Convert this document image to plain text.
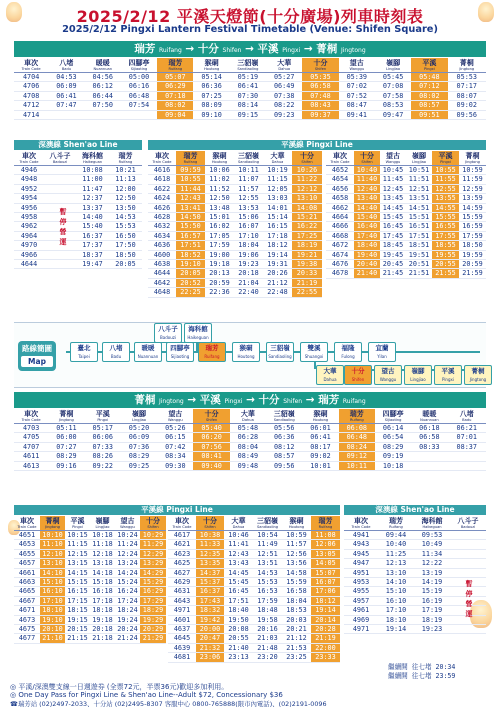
2025/2/12 平溪天燈節(十分廣場)列車時刻表
2025/2/12 Pingxi Lantern Festival Timetable (Venue: Shifen Square)
瑞芳 Ruifang → 十分 Shifen → 平溪 Pingxi → 菁桐 Jingtong
車次
Train Code
	八堵
Badu
	暖暖
Nuannuan
	四腳亭
Sijiaoting
	瑞芳
Ruifang
	猴硐
Houtong
	三貂嶺
Sandiaoling
	大華
Dahua
	十分
Shifen
	望古
Wanggu
	嶺腳
Lingjiao
	平溪
Pingxi
	菁桐
Jingtong

4704	04:53	04:56	05:00	05:07	05:14	05:19	05:27	05:35	05:39	05:45	05:48	05:53
4706	06:09	06:12	06:16	06:29	06:36	06:41	06:49	06:58	07:02	07:08	07:12	07:17
4708	06:41	06:44	06:48	07:18	07:25	07:30	07:38	07:48	07:52	07:58	08:02	08:07
4712	07:47	07:50	07:54	08:02	08:09	08:14	08:22	08:43	08:47	08:53	08:57	09:02
4714				09:04	09:10	09:15	09:23	09:37	09:41	09:47	09:51	09:56
深澳線 Shen'ao Line	平溪線 Pingxi Line
車次
Train Code
	八斗子
Badouzi
	海科館
Haikeguan
	瑞芳
Ruifang

4946		10:08	10:21
4948		11:00	11:13
4952		11:47	12:00
4954		12:37	12:50
4956		13:37	13:50
4958		14:40	14:53
4962		15:40	15:53
4964		16:37	16:50
4970		17:37	17:50
4966		18:37	18:50
4644		19:47	20:05
暫停營運
車次
Train Code
	瑞芳
Ruifang
	猴硐
Houtong
	三貂嶺
Sandiaoling
	大華
Dahua
	十分
Shifen

4616	09:59	10:06	10:11	10:19	10:26
4618	10:55	11:02	11:07	11:15	11:22
4622	11:44	11:52	11:57	12:05	12:12
4624	12:43	12:50	12:55	13:03	13:10
4626	13:41	13:48	13:53	14:01	14:08
4628	14:50	15:01	15:06	15:14	15:21
4632	15:50	16:02	16:07	16:15	16:22
4634	16:57	17:05	17:10	17:18	17:25
4636	17:51	17:59	18:04	18:12	18:19
4600	18:52	19:00	19:06	19:14	19:21
4638	19:10	19:18	19:23	19:31	19:38
4644	20:05	20:13	20:18	20:26	20:33
4642	20:52	20:59	21:04	21:12	21:19
4648	22:25	22:36	22:40	22:48	22:55
車次
Train Code
	十分
Shifen
	望古
Wanggu
	嶺腳
Lingjiao
	平溪
Pingxi
	菁桐
Jingtong

4652	10:40	10:45	10:51	10:55	10:59
4654	11:40	11:45	11:51	11:55	11:59
4656	12:40	12:45	12:51	12:55	12:59
4658	13:40	13:45	13:51	13:55	13:59
4662	14:40	14:45	14:51	14:55	14:59
4664	15:40	15:45	15:51	15:55	15:59
4666	16:40	16:45	16:51	16:55	16:59
4668	17:40	17:45	17:51	17:55	17:59
4672	18:40	18:45	18:51	18:55	18:50
4674	19:40	19:45	19:51	19:55	19:59
4676	20:40	20:45	20:51	20:55	20:59
4678	21:40	21:45	21:51	21:55	21:59
路線簡圖
Map
臺北
Taipei
八堵
Badu
暖暖
Nuannuan
四腳亭
Sijiaoting
瑞芳
Ruifang
猴硐
Houtong
三貂嶺
Sandiaoling
雙溪
Shuangxi
福隆
Fulong
宜蘭
Yilan
大華
Dahua
十分
Shifen
望古
Wanggu
嶺腳
Lingjiao
平溪
Pingxi
菁桐
Jingtong
海科館
Haikeguan
八斗子
Badouzi
菁桐 Jingtong → 平溪 Pingxi → 十分 Shifen → 瑞芳 Ruifang
車次
Train Code
	菁桐
Jingtong
	平溪
Pingxi
	嶺腳
Lingjiao
	望古
Wanggu
	十分
Shifen
	大華
Dahua
	三貂嶺
Sandiaoling
	猴硐
Houtong
	瑞芳
Ruifang
	四腳亭
Sijiaoting
	暖暖
Nuannuan
	八堵
Badu

4703	05:11	05:17	05:20	05:26	05:40	05:48	05:56	06:01	06:08	06:14	06:18	06:21
4705	06:00	06:06	06:09	06:15	06:20	06:28	06:36	06:41	06:48	06:54	06:58	07:01
4707	07:27	07:33	07:36	07:42	07:56	08:04	08:12	08:17	08:24	08:29	08:33	08:37
4611	08:29	08:26	08:29	08:34	08:41	08:49	08:57	09:02	09:12	09:19		
4613	09:16	09:22	09:25	09:30	09:40	09:48	09:56	10:01	10:11	10:18		
平溪線 Pingxi Line	深澳線 Shen'ao Line
車次
Train Code
	菁桐
Jingtong
	平溪
Pingxi
	嶺腳
Lingjiao
	望古
Wanggu
	十分
Shifen

4651	10:10	10:15	10:18	10:24	10:29
4653	11:10	11:15	11:18	11:24	11:29
4655	12:10	12:15	12:18	12:24	12:29
4657	13:10	13:15	13:18	13:24	13:29
4661	14:10	14:15	14:18	14:24	14:29
4663	15:10	15:15	15:18	15:24	15:29
4665	16:10	16:15	16:18	16:24	16:29
4667	17:10	17:15	17:18	17:24	17:29
4671	18:10	18:15	18:18	18:24	18:29
4673	19:10	19:15	19:18	19:24	19:29
4675	20:10	20:15	20:18	20:24	20:29
4677	21:10	21:15	21:18	21:24	21:29
車次
Train Code
	十分
Shifen
	大華
Dahua
	三貂嶺
Sandiaoling
	猴硐
Houtong
	瑞芳
Ruifang

4617	10:38	10:46	10:54	10:59	11:08
4621	11:33	11:41	11:49	11:57	12:06
4623	12:35	12:43	12:51	12:56	13:05
4625	13:35	13:43	13:51	13:56	14:05
4627	14:37	14:45	14:53	14:58	15:07
4629	15:37	15:45	15:53	15:59	16:07
4631	16:37	16:45	16:53	16:58	17:06
4643	17:43	17:51	17:59	18:04	18:12
4971	18:32	18:40	18:48	18:53	19:14
4601	19:42	19:50	19:58	20:03	20:14
4637	20:00	20:08	20:16	20:21	20:28
4645	20:47	20:55	21:03	21:12	21:19
4639	21:32	21:40	21:48	21:53	22:00
4681	23:06	23:13	23:20	23:25	23:33
車次
Train Code
	瑞芳
Ruifang
	海科館
Haikeguan
	八斗子
Badouzi

4941	09:44	09:53	
4943	10:40	10:49	
4945	11:25	11:34	
4947	12:13	12:22	
4951	13:10	13:19	
4953	14:10	14:19	
4955	15:10	15:19	
4957	16:10	16:19	
4961	17:10	17:19	
4969	18:10	18:19	
4971	19:14	19:23	
暫停營運
繼續開 往七堵 20:34
繼續開 往七堵 23:59
◎ 平溪/深澳雙支線一日週遊券 (全票72元，半票36元)歡迎多加利用。
◎ One Day Pass for Pingxi Line & Shen'ao Line--Adult $72, Concessionary $36
☎瑞芳站 (02)2497-2033、十分站 (02)2495-8307 客服中心 0800-765888(限市內電話)、(02)2191-0096
